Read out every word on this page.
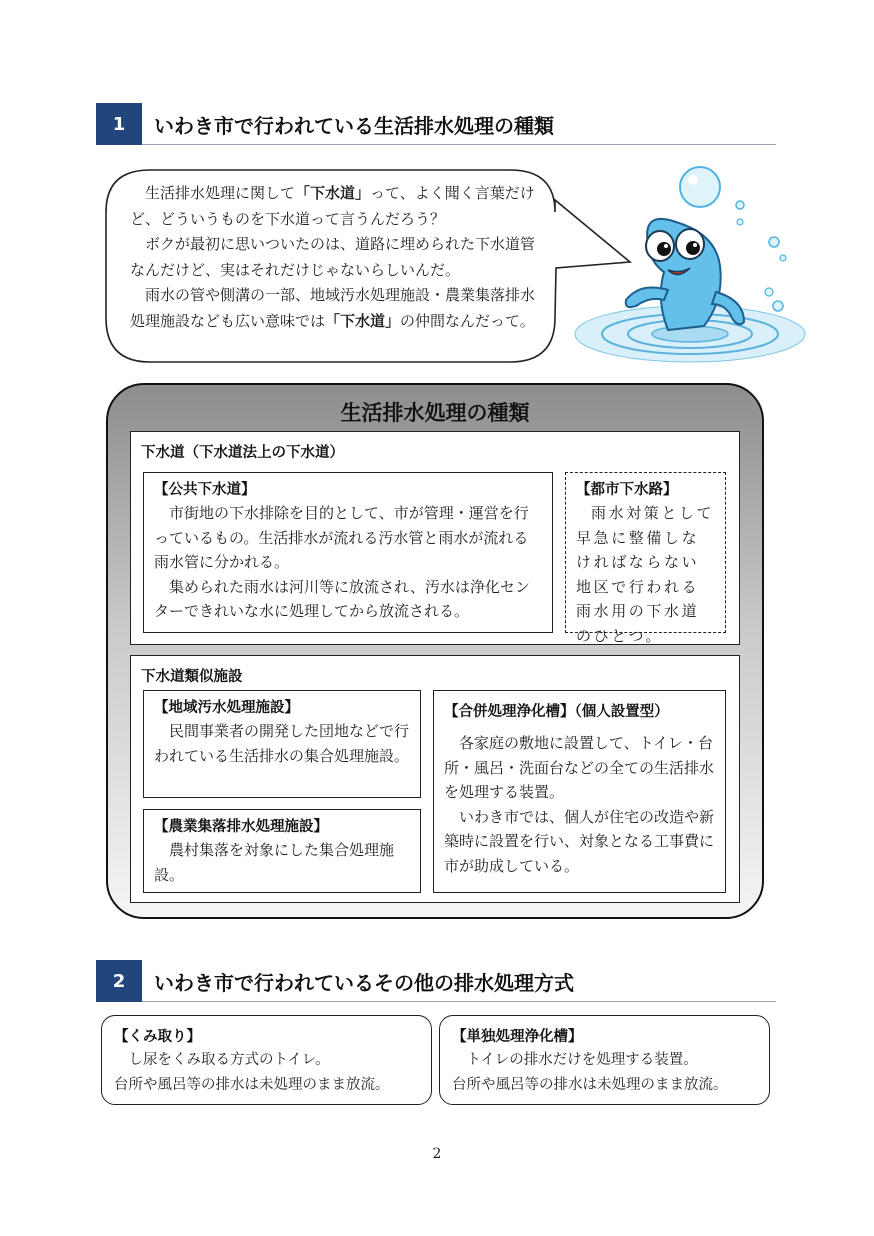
1	いわき市で行われている生活排水処理の種類

生活排水処理に関して「下水道」って、よく聞く言葉だけど、どういうものを下水道って言うんだろう？

ボクが最初に思いついたのは、道路に埋められた下水道管なんだけど、実はそれだけじゃないらしいんだ。

雨水の管や側溝の一部、地域汚水処理施設・農業集落排水処理施設なども広い意味では「下水道」の仲間なんだって。

生活排水処理の種類
下水道（下水道法上の下水道）
【公共下水道】

市街地の下水排除を目的として、市が管理・運営を行っているもの。生活排水が流れる汚水管と雨水が流れる雨水管に分かれる。

集められた雨水は河川等に放流され、汚水は浄化センターできれいな水に処理してから放流される。

【都市下水路】

雨水対策として早急に整備しなければならない地区で行われる雨水用の下水道のひとつ。

下水道類似施設
【地域汚水処理施設】

民間事業者の開発した団地などで行われている生活排水の集合処理施設。

【農業集落排水処理施設】

農村集落を対象にした集合処理施設。

【合併処理浄化槽】（個人設置型）

各家庭の敷地に設置して、トイレ・台所・風呂・洗面台などの全ての生活排水を処理する装置。

いわき市では、個人が住宅の改造や新築時に設置を行い、対象となる工事費に市が助成している。

2	いわき市で行われているその他の排水処理方式
【くみ取り】
し尿をくみ取る方式のトイレ。
台所や風呂等の排水は未処理のまま放流。
【単独処理浄化槽】
トイレの排水だけを処理する装置。
台所や風呂等の排水は未処理のまま放流。
2
